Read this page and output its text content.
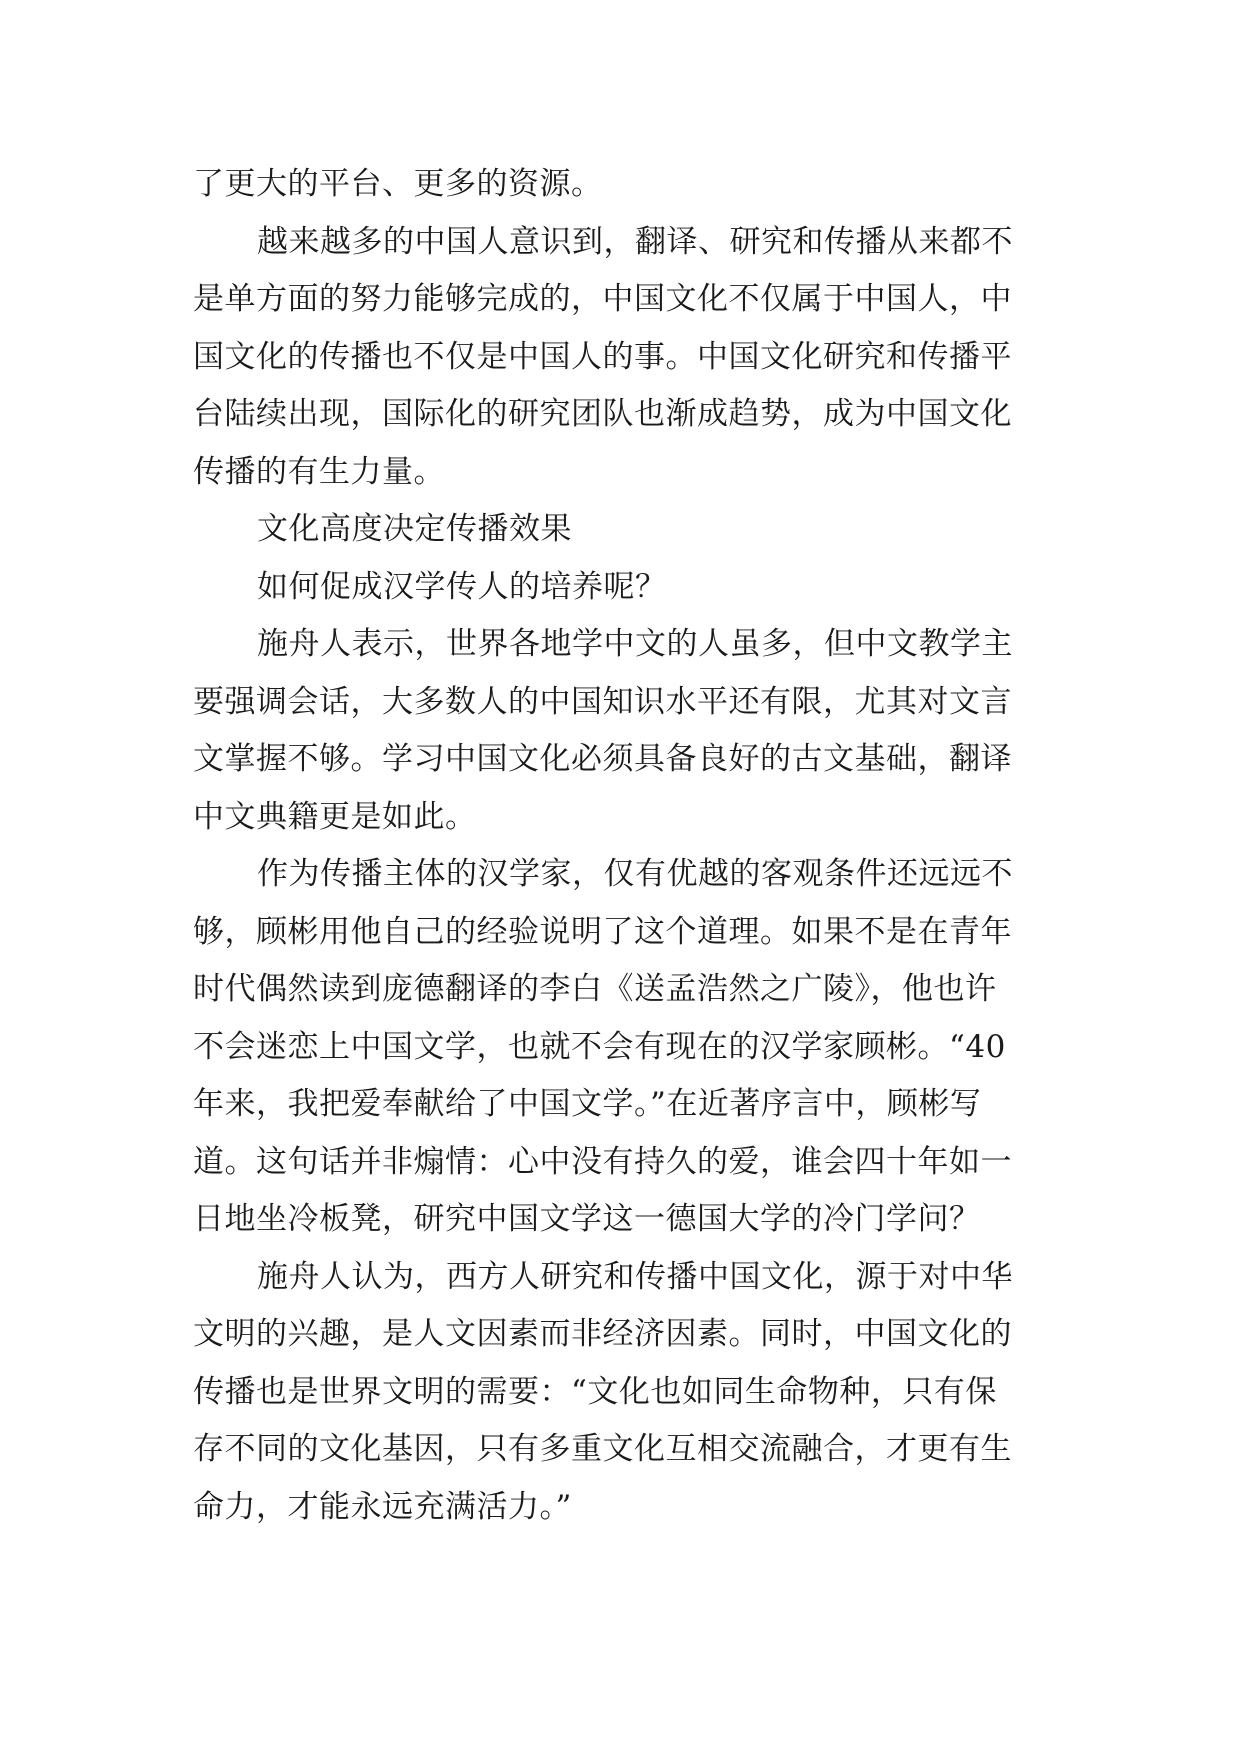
了更大的平台、更多的资源。
越来越多的中国人意识到，翻译、研究和传播从来都不
是单方面的努力能够完成的，中国文化不仅属于中国人，中
国文化的传播也不仅是中国人的事。中国文化研究和传播平
台陆续出现，国际化的研究团队也渐成趋势，成为中国文化
传播的有生力量。
文化高度决定传播效果
如何促成汉学传人的培养呢？
施舟人表示，世界各地学中文的人虽多，但中文教学主
要强调会话，大多数人的中国知识水平还有限，尤其对文言
文掌握不够。学习中国文化必须具备良好的古文基础，翻译
中文典籍更是如此。
作为传播主体的汉学家，仅有优越的客观条件还远远不
够，顾彬用他自己的经验说明了这个道理。如果不是在青年
时代偶然读到庞德翻译的李白《送孟浩然之广陵》，他也许
不会迷恋上中国文学，也就不会有现在的汉学家顾彬。“40
年来，我把爱奉献给了中国文学。”在近著序言中，顾彬写
道。这句话并非煽情：心中没有持久的爱，谁会四十年如一
日地坐冷板凳，研究中国文学这一德国大学的冷门学问？
施舟人认为，西方人研究和传播中国文化，源于对中华
文明的兴趣，是人文因素而非经济因素。同时，中国文化的
传播也是世界文明的需要：“文化也如同生命物种，只有保
存不同的文化基因，只有多重文化互相交流融合，才更有生
命力，才能永远充满活力。”
